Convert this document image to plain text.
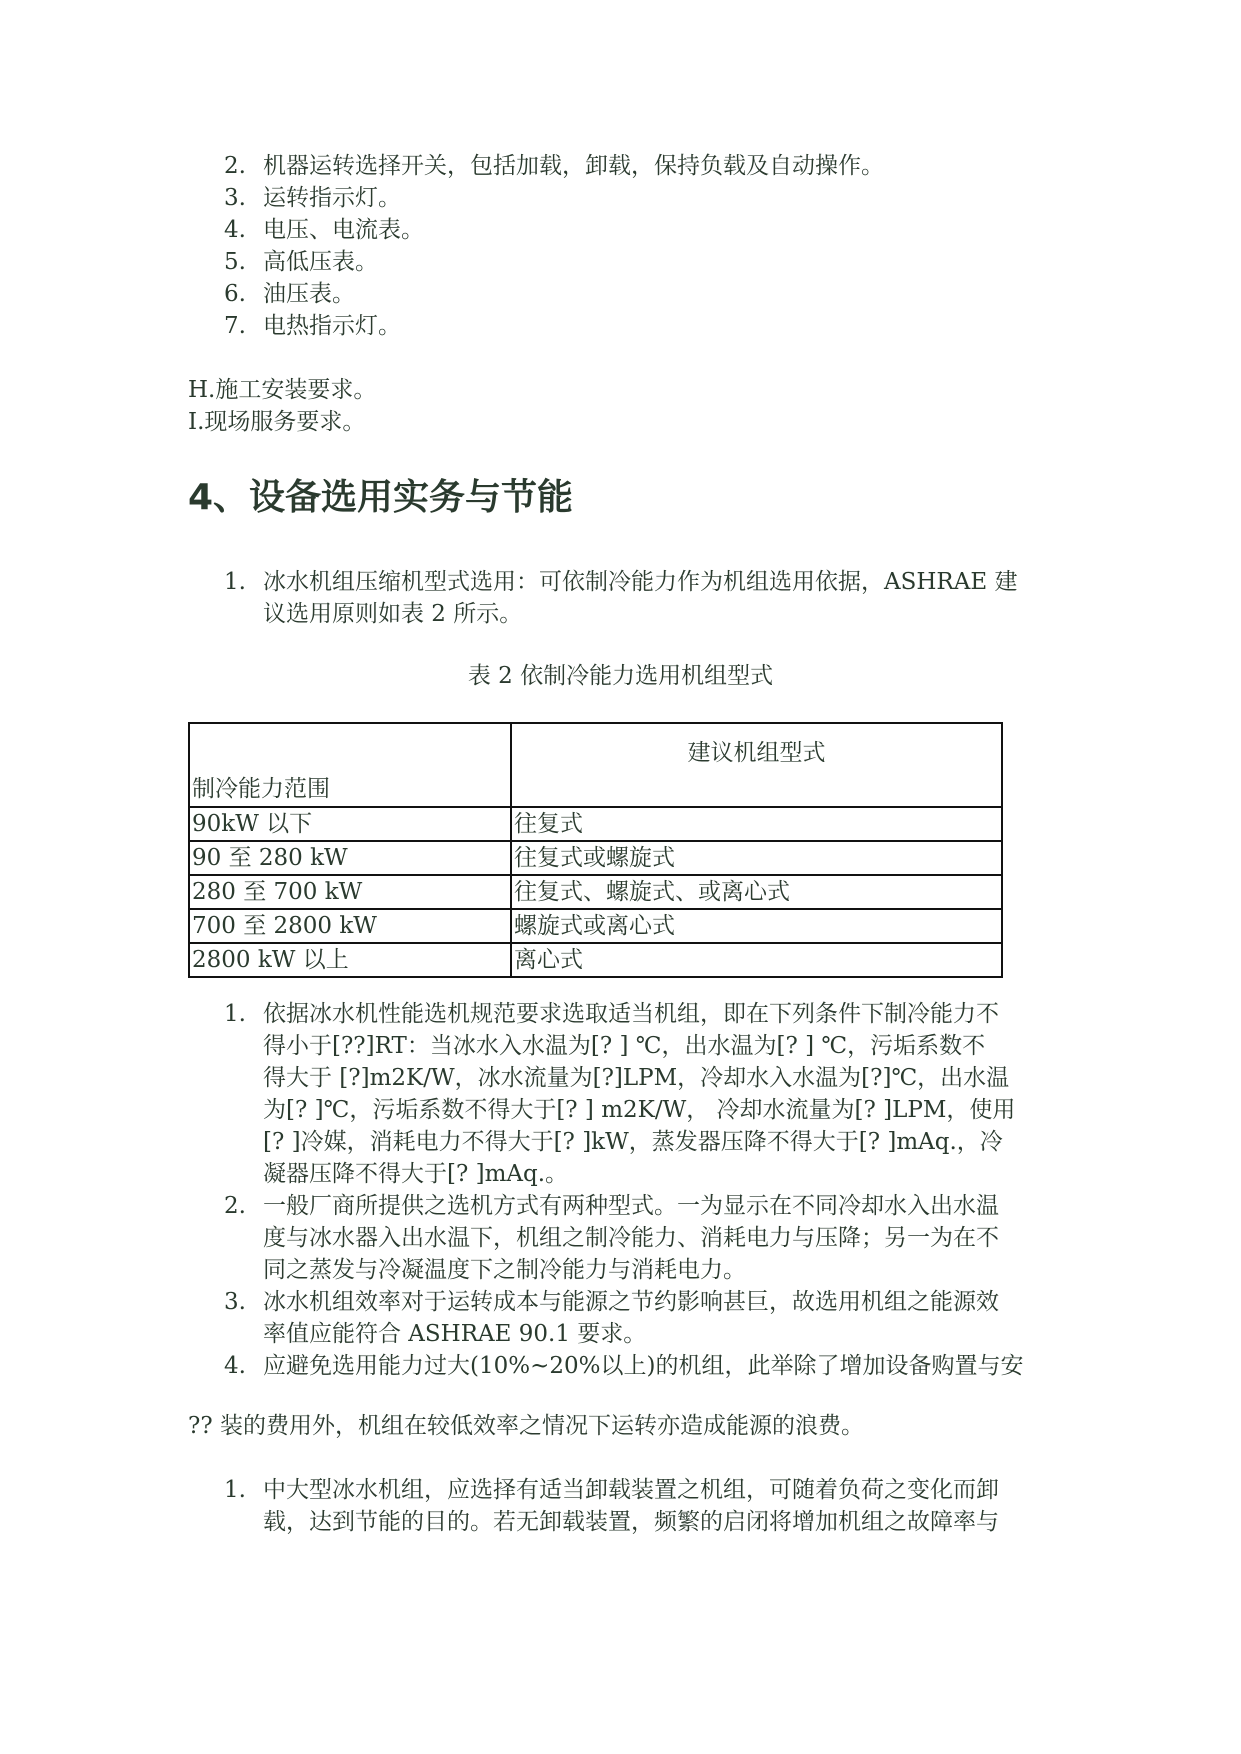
2. 机器运转选择开关，包括加载，卸载，保持负载及自动操作。
3. 运转指示灯。
4. 电压、电流表。
5. 高低压表。
6. 油压表。
7. 电热指示灯。
H.施工安装要求。
I.现场服务要求。
4、设备选用实务与节能
1. 冰水机组压缩机型式选用：可依制冷能力作为机组选用依据，ASHRAE 建
议选用原则如表 2 所示。
表 2 依制冷能力选用机组型式
制冷能力范围	建议机组型式
90kW 以下	往复式
90 至 280 kW	往复式或螺旋式
280 至 700 kW	往复式、螺旋式、或离心式
700 至 2800 kW	螺旋式或离心式
2800 kW 以上	离心式
1. 依据冰水机性能选机规范要求选取适当机组，即在下列条件下制冷能力不
得小于[??]RT：当冰水入水温为[? ] ℃，出水温为[? ] ℃，污垢系数不
得大于 [?]m2K/W，冰水流量为[?]LPM，冷却水入水温为[?]℃，出水温
为[? ]℃，污垢系数不得大于[? ] m2K/W， 冷却水流量为[? ]LPM，使用
[? ]冷媒，消耗电力不得大于[? ]kW，蒸发器压降不得大于[? ]mAq.，冷
凝器压降不得大于[? ]mAq.。
2. 一般厂商所提供之选机方式有两种型式。一为显示在不同冷却水入出水温
度与冰水器入出水温下，机组之制冷能力、消耗电力与压降；另一为在不
同之蒸发与冷凝温度下之制冷能力与消耗电力。
3. 冰水机组效率对于运转成本与能源之节约影响甚巨，故选用机组之能源效
率值应能符合 ASHRAE 90.1 要求。
4. 应避免选用能力过大(10%~20%以上)的机组，此举除了增加设备购置与安
?? 装的费用外，机组在较低效率之情况下运转亦造成能源的浪费。
1. 中大型冰水机组，应选择有适当卸载装置之机组，可随着负荷之变化而卸
载，达到节能的目的。若无卸载装置，频繁的启闭将增加机组之故障率与
